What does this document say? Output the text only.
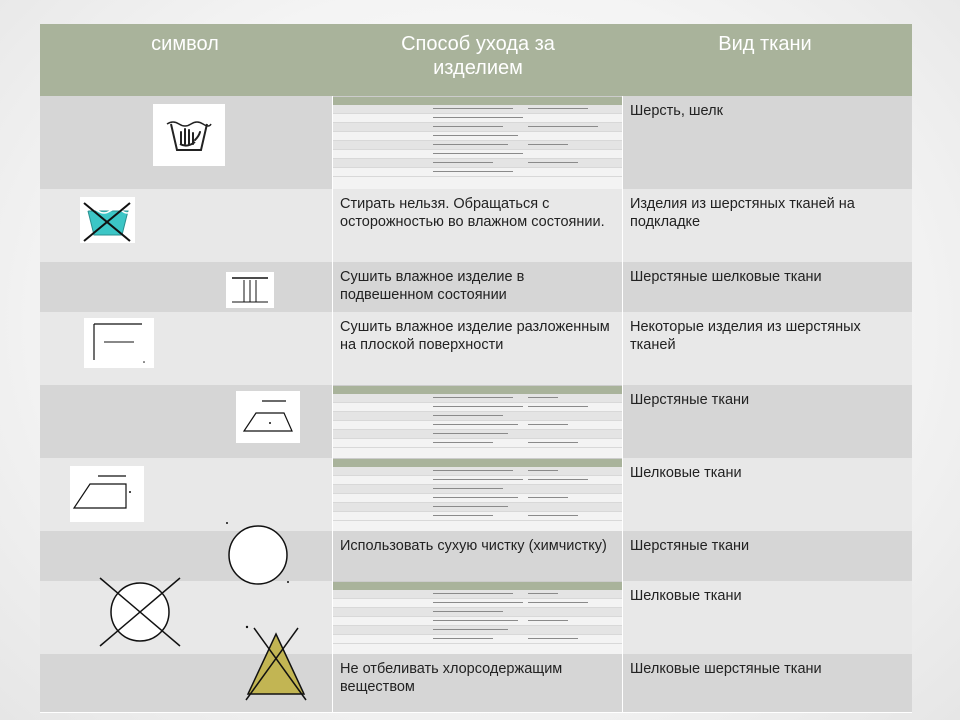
символ	Способ ухода за изделием
Вид ткани
Шерсть, шелк
Стирать нельзя. Обращаться с осторожностью во влажном состоянии.
Изделия из шерстяных тканей на подкладке
Сушить влажное изделие в подвешенном состоянии
Шерстяные шелковые ткани
Сушить влажное изделие разложенным на плоской поверхности
Некоторые изделия из шерстяных тканей
Шерстяные ткани
Шелковые ткани
Использовать сухую чистку (химчистку)	Шерстяные ткани
Шелковые ткани
Не отбеливать хлорсодержащим веществом
Шелковые шерстяные ткани
